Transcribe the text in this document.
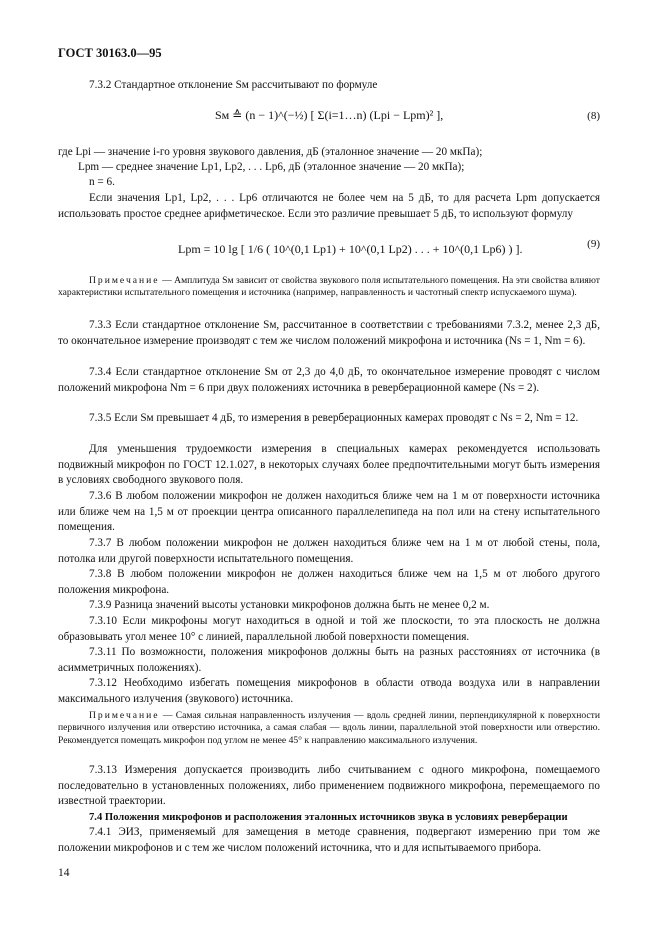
ГОСТ 30163.0—95
7.3.2 Стандартное отклонение Sм рассчитывают по формуле
Sм ≙ (n − 1)^(−½) [ Σ(i=1…n) (Lpi − Lpm)² ],	(8)
где Lpi — значение i-го уровня звукового давления, дБ (эталонное значение — 20 мкПа);
Lpm — среднее значение Lp1, Lp2, . . . Lp6, дБ (эталонное значение — 20 мкПа);
n = 6.
Если значения Lp1, Lp2, . . . Lp6 отличаются не более чем на 5 дБ, то для расчета Lpm допускается использовать простое среднее арифметическое. Если это различие превышает 5 дБ, то используют формулу
Lpm = 10 lg [ 1/6 ( 10^(0,1 Lp1) + 10^(0,1 Lp2) . . . + 10^(0,1 Lp6) ) ].	(9)
Примечание — Амплитуда Sм зависит от свойства звукового поля испытательного помещения. На эти свойства влияют характеристики испытательного помещения и источника (например, направленность и частотный спектр испускаемого шума).
7.3.3 Если стандартное отклонение Sм, рассчитанное в соответствии с требованиями 7.3.2, менее 2,3 дБ, то окончательное измерение производят с тем же числом положений микрофона и источника (Ns = 1, Nm = 6).
7.3.4 Если стандартное отклонение Sм от 2,3 до 4,0 дБ, то окончательное измерение проводят с числом положений микрофона Nm = 6 при двух положениях источника в реверберационной камере (Ns = 2).
7.3.5 Если Sм превышает 4 дБ, то измерения в реверберационных камерах проводят с Ns = 2, Nm = 12.
Для уменьшения трудоемкости измерения в специальных камерах рекомендуется использовать подвижный микрофон по ГОСТ 12.1.027, в некоторых случаях более предпочтительными могут быть измерения в условиях свободного звукового поля.
7.3.6 В любом положении микрофон не должен находиться ближе чем на 1 м от поверхности источника или ближе чем на 1,5 м от проекции центра описанного параллелепипеда на пол или на стену испытательного помещения.
7.3.7 В любом положении микрофон не должен находиться ближе чем на 1 м от любой стены, пола, потолка или другой поверхности испытательного помещения.
7.3.8 В любом положении микрофон не должен находиться ближе чем на 1,5 м от любого другого положения микрофона.
7.3.9 Разница значений высоты установки микрофонов должна быть не менее 0,2 м.
7.3.10 Если микрофоны могут находиться в одной и той же плоскости, то эта плоскость не должна образовывать угол менее 10° с линией, параллельной любой поверхности помещения.
7.3.11 По возможности, положения микрофонов должны быть на разных расстояниях от источника (в асимметричных положениях).
7.3.12 Необходимо избегать помещения микрофонов в области отвода воздуха или в направлении максимального излучения (звукового) источника.
Примечание — Самая сильная направленность излучения — вдоль средней линии, перпендикулярной к поверхности первичного излучения или отверстию источника, а самая слабая — вдоль линии, параллельной этой поверхности или отверстию. Рекомендуется помещать микрофон под углом не менее 45° к направлению максимального излучения.
7.3.13 Измерения допускается производить либо считыванием с одного микрофона, помещаемого последовательно в установленных положениях, либо применением подвижного микрофона, перемещаемого по известной траектории.
7.4 Положения микрофонов и расположения эталонных источников звука в условиях реверберации
7.4.1 ЭИЗ, применяемый для замещения в методе сравнения, подвергают измерению при том же положении микрофонов и с тем же числом положений источника, что и для испытываемого прибора.
14
